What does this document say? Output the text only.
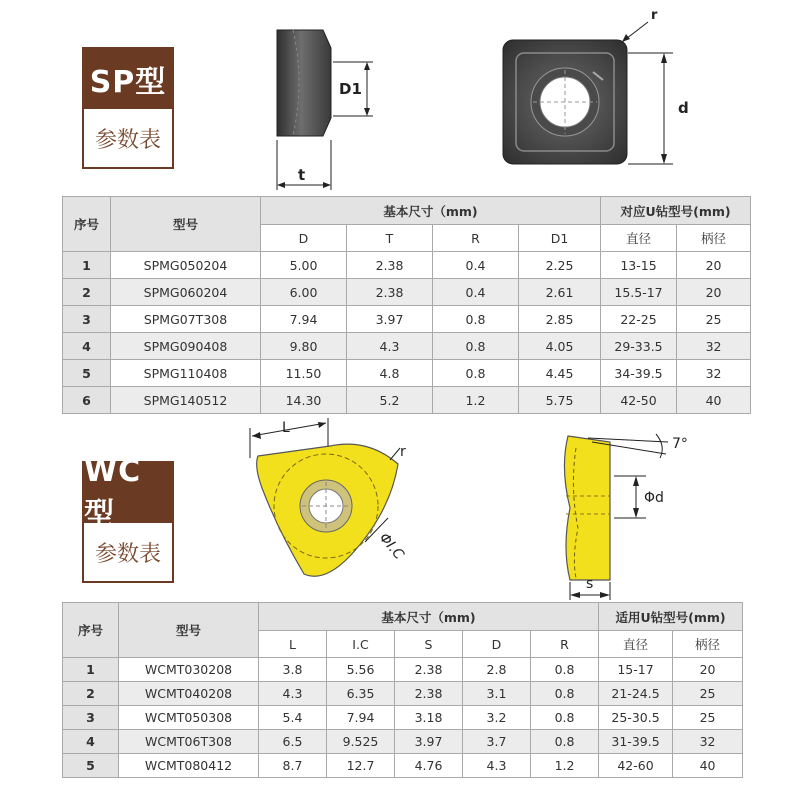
SP型
参数表
D1
t
r
d
序号	型号	基本尺寸（mm)				对应U钻型号(mm)	
		D	T	R	D1	直径	柄径
1	SPMG050204	5.00	2.38	0.4	2.25	13-15	20
2	SPMG060204	6.00	2.38	0.4	2.61	15.5-17	20
3	SPMG07T308	7.94	3.97	0.8	2.85	22-25	25
4	SPMG090408	9.80	4.3	0.8	4.05	29-33.5	32
5	SPMG110408	11.50	4.8	0.8	4.45	34-39.5	32
6	SPMG140512	14.30	5.2	1.2	5.75	42-50	40
WC型
参数表
L
r
ΦI.C
7°
Φd
s
序号	型号	基本尺寸（mm)					适用U钻型号(mm)	
		L	I.C	S	D	R	直径	柄径
1	WCMT030208	3.8	5.56	2.38	2.8	0.8	15-17	20
2	WCMT040208	4.3	6.35	2.38	3.1	0.8	21-24.5	25
3	WCMT050308	5.4	7.94	3.18	3.2	0.8	25-30.5	25
4	WCMT06T308	6.5	9.525	3.97	3.7	0.8	31-39.5	32
5	WCMT080412	8.7	12.7	4.76	4.3	1.2	42-60	40
